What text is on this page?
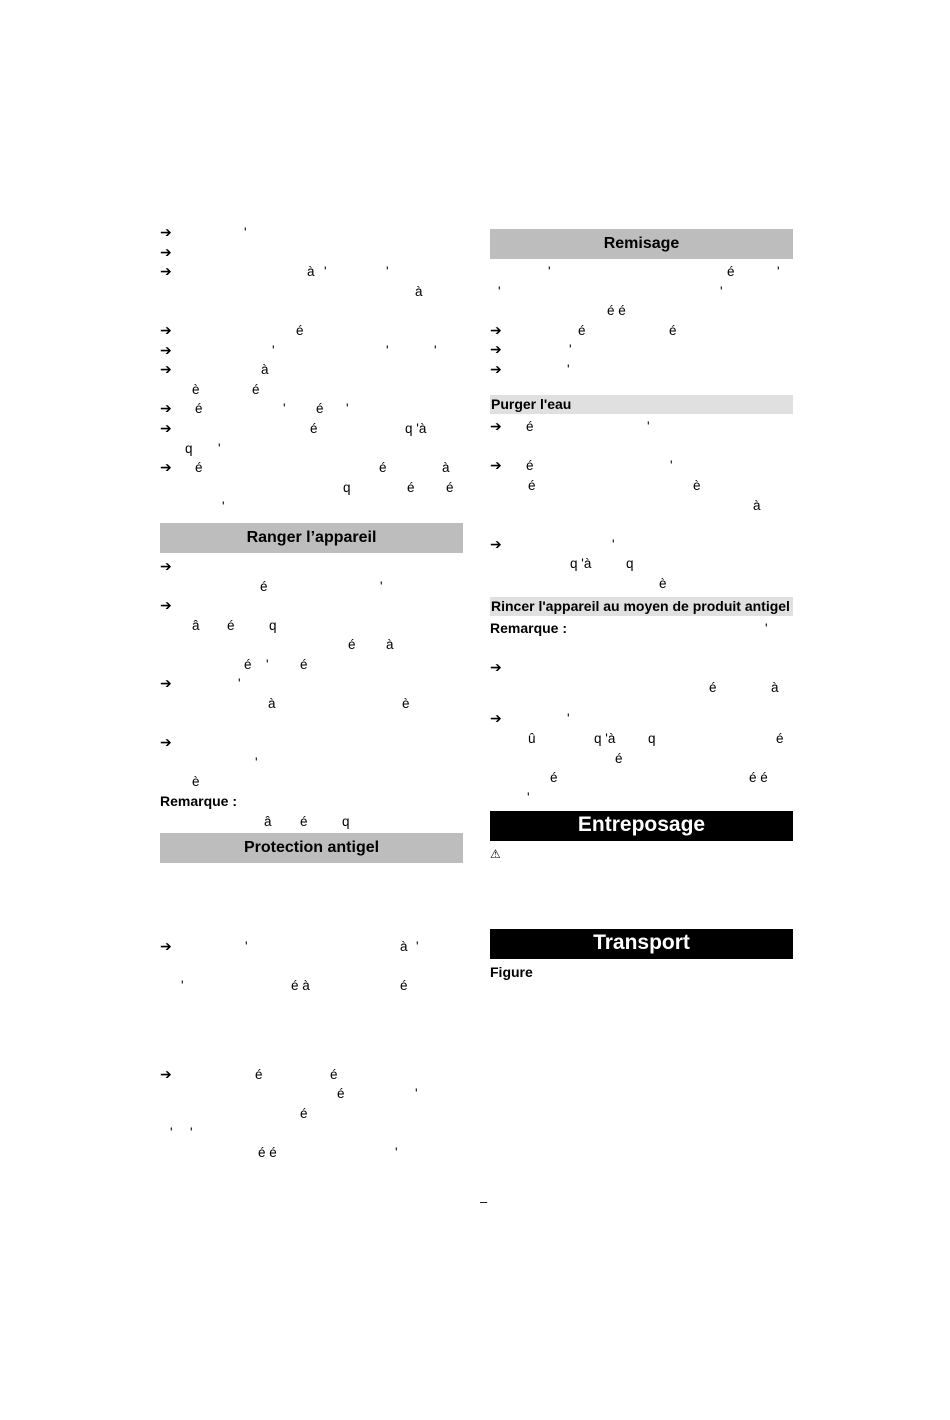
➔	'
➔
➔	à '	'
à
➔	é
➔	'	'	'
➔	à
è	é
➔ é	' é '
➔	é	q 'à
q '
➔ é	é	à
q	é é
'
Ranger l’appareil
➔
é	'
➔
â é	q
é à
é ' é
➔	'
à	è
➔
'
è
Remarque :
â é	q
Protection antigel
➔	'	à '
'	é à	é
➔	é	é
é	'
é
' '
é é	'
Remisage
'	é	'
'	'
é é
➔	é	é
➔	'
➔	'
Purger l'eau
➔ é	'
➔ é	'
é	è
à
➔	'
q 'à	q
è
Rincer l'appareil au moyen de produit antigel
Remarque :	'
➔
é	à
➔	'
û	q 'à q	é
é
é	é é
'
Entreposage
⚠
Transport
Figure
–
